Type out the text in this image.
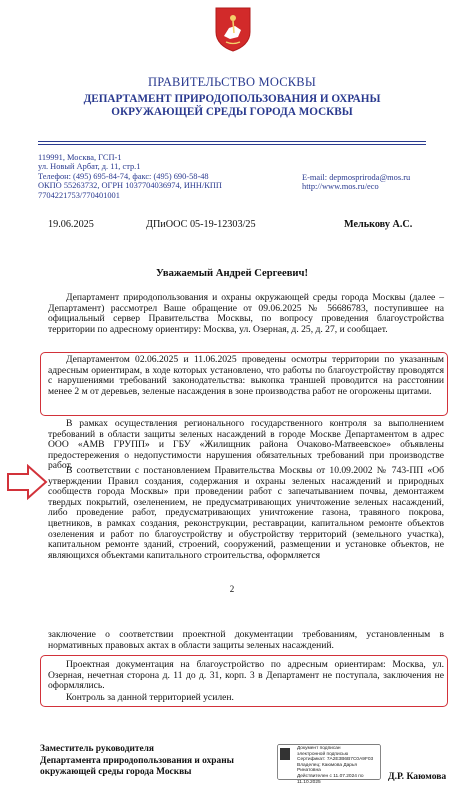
ПРАВИТЕЛЬСТВО МОСКВЫ
ДЕПАРТАМЕНТ ПРИРОДОПОЛЬЗОВАНИЯ И ОХРАНЫ
ОКРУЖАЮЩЕЙ СРЕДЫ ГОРОДА МОСКВЫ
119991, Москва, ГСП-1
ул. Новый Арбат, д. 11, стр.1
Телефон: (495) 695-84-74, факс: (495) 690-58-48
ОКПО 55263732, ОГРН 1037704036974, ИНН/КПП
7704221753/770401001
E-mail: depmospriroda@mos.ru
http://www.mos.ru/eco
19.06.2025	ДПиООС 05-19-12303/25	Мелькову А.С.
Уважаемый Андрей Сергеевич!
Департамент природопользования и охраны окружающей среды города Москвы (далее – Департамент) рассмотрел Ваше обращение от 09.06.2025 № 56686783, поступившее на официальный сервер Правительства Москвы, по вопросу проведения благоустройства территории по адресному ориентиру: Москва, ул. Озерная, д. 25, д. 27, и сообщает.
Департаментом 02.06.2025 и 11.06.2025 проведены осмотры территории по указанным адресным ориентирам, в ходе которых установлено, что работы по благоустройству проводятся с нарушениями требований законодательства: выкопка траншей проводится на расстоянии менее 2 м от деревьев, зеленые насаждения в зоне производства работ не огорожены щитами.
В рамках осуществления регионального государственного контроля за выполнением требований в области защиты зеленых насаждений в городе Москве Департаментом в адрес ООО «АМВ ГРУПП» и ГБУ «Жилищник района Очаково-Матвеевское» объявлены предостережения о недопустимости нарушения обязательных требований при производстве работ.
В соответствии с постановлением Правительства Москвы от 10.09.2002 № 743-ПП «Об утверждении Правил создания, содержания и охраны зеленых насаждений и природных сообществ города Москвы» при проведении работ с запечатыванием почвы, демонтажем твердых покрытий, озеленением, не предусматривающих уничтожение зеленых насаждений, либо проведение работ, предусматривающих уничтожение газона, травяного покрова, цветников, в рамках создания, реконструкции, реставрации, капитальном ремонте объектов озеленения и работ по благоустройству и обустройству территорий (земельного участка), капитальном ремонте зданий, строений, сооружений, размещении и установке объектов, не являющихся объектами капитального строительства, оформляется
2
заключение о соответствии проектной документации требованиям, установленным в нормативных правовых актах в области защиты зеленых насаждений.
Проектная документация на благоустройство по адресным ориентирам: Москва, ул. Озерная, нечетная сторона д. 11 до д. 31, корп. 3 в Департамент не поступала, заключения не оформлялись.
Контроль за данной территорией усилен.
Заместитель руководителя
Департамента природопользования и охраны
окружающей среды города Москвы
Документ подписан
электронной подписью
Сертификат: 7A2E3B6B7C0A9F03
Владелец: Каюмова Дарья Ринатовна
Действителен с 11.07.2024 по 11.10.2025
Д.Р. Каюмова
